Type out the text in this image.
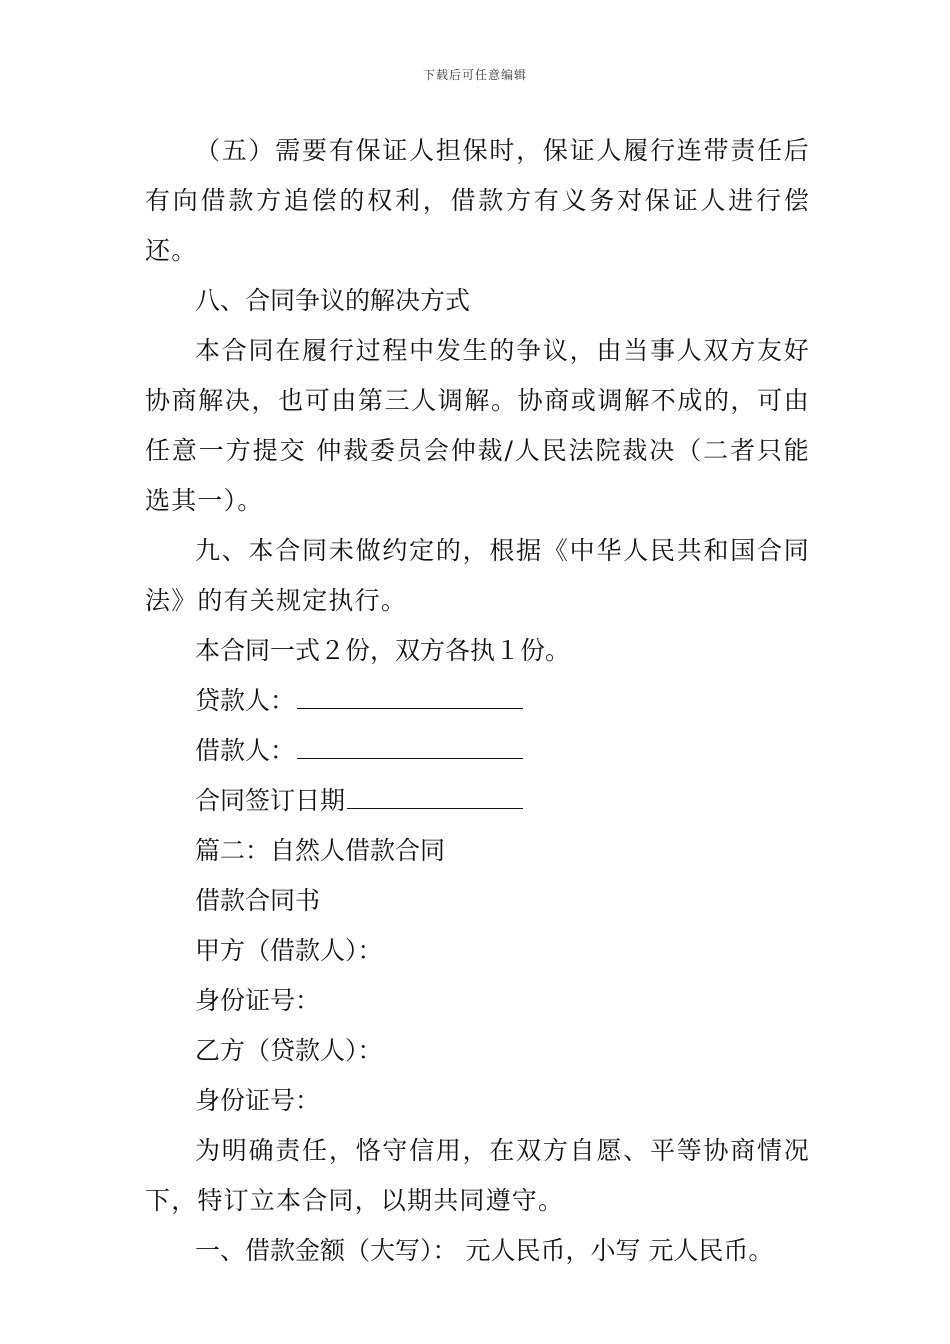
下载后可任意编辑

（五）需要有保证人担保时，保证人履行连带责任后有向借款方追偿的权利，借款方有义务对保证人进行偿还。

八、合同争议的解决方式

本合同在履行过程中发生的争议，由当事人双方友好协商解决，也可由第三人调解。协商或调解不成的，可由任意一方提交 仲裁委员会仲裁/人民法院裁决（二者只能选其一）。

九、本合同未做约定的，根据《中华人民共和国合同法》的有关规定执行。

本合同一式２份，双方各执１份。

贷款人：

借款人：

合同签订日期

篇二：自然人借款合同

借款合同书

甲方（借款人）：

身份证号：

乙方（贷款人）：

身份证号：

为明确责任，恪守信用，在双方自愿、平等协商情况下，特订立本合同，以期共同遵守。

一、借款金额（大写）： 元人民币，小写 元人民币。
